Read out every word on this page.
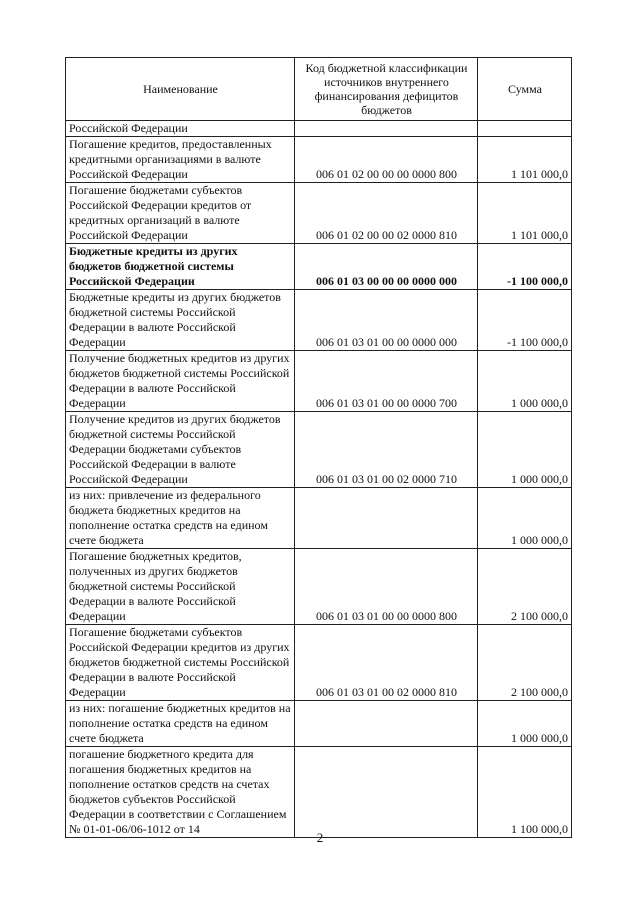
Наименование	Код бюджетной классификации источников внутреннего финансирования дефицитов бюджетов	Сумма
Российской Федерации		
Погашение кредитов, предоставленных кредитными организациями в валюте Российской Федерации	006 01 02 00 00 00 0000 800	1 101 000,0
Погашение бюджетами субъектов Российской Федерации кредитов от кредитных организаций в валюте Российской Федерации	006 01 02 00 00 02 0000 810	1 101 000,0
Бюджетные кредиты из других бюджетов бюджетной системы Российской Федерации	006 01 03 00 00 00 0000 000	-1 100 000,0
Бюджетные кредиты из других бюджетов бюджетной системы Российской Федерации в валюте Российской Федерации	006 01 03 01 00 00 0000 000	-1 100 000,0
Получение бюджетных кредитов из других бюджетов бюджетной системы Российской Федерации в валюте Российской Федерации	006 01 03 01 00 00 0000 700	1 000 000,0
Получение кредитов из других бюджетов бюджетной системы Российской Федерации бюджетами субъектов Российской Федерации в валюте Российской Федерации	006 01 03 01 00 02 0000 710	1 000 000,0
из них: привлечение из федерального бюджета бюджетных кредитов на пополнение остатка средств на едином счете бюджета		1 000 000,0
Погашение бюджетных кредитов, полученных из других бюджетов бюджетной системы Российской Федерации в валюте Российской Федерации	006 01 03 01 00 00 0000 800	2 100 000,0
Погашение бюджетами субъектов Российской Федерации кредитов из других бюджетов бюджетной системы Российской Федерации в валюте Российской Федерации	006 01 03 01 00 02 0000 810	2 100 000,0
из них: погашение бюджетных кредитов на пополнение остатка средств на едином счете бюджета		1 000 000,0
погашение бюджетного кредита для погашения бюджетных кредитов на пополнение остатков средств на счетах бюджетов субъектов Российской Федерации в соответствии с Соглашением № 01-01-06/06-1012 от 14		1 100 000,0
2
